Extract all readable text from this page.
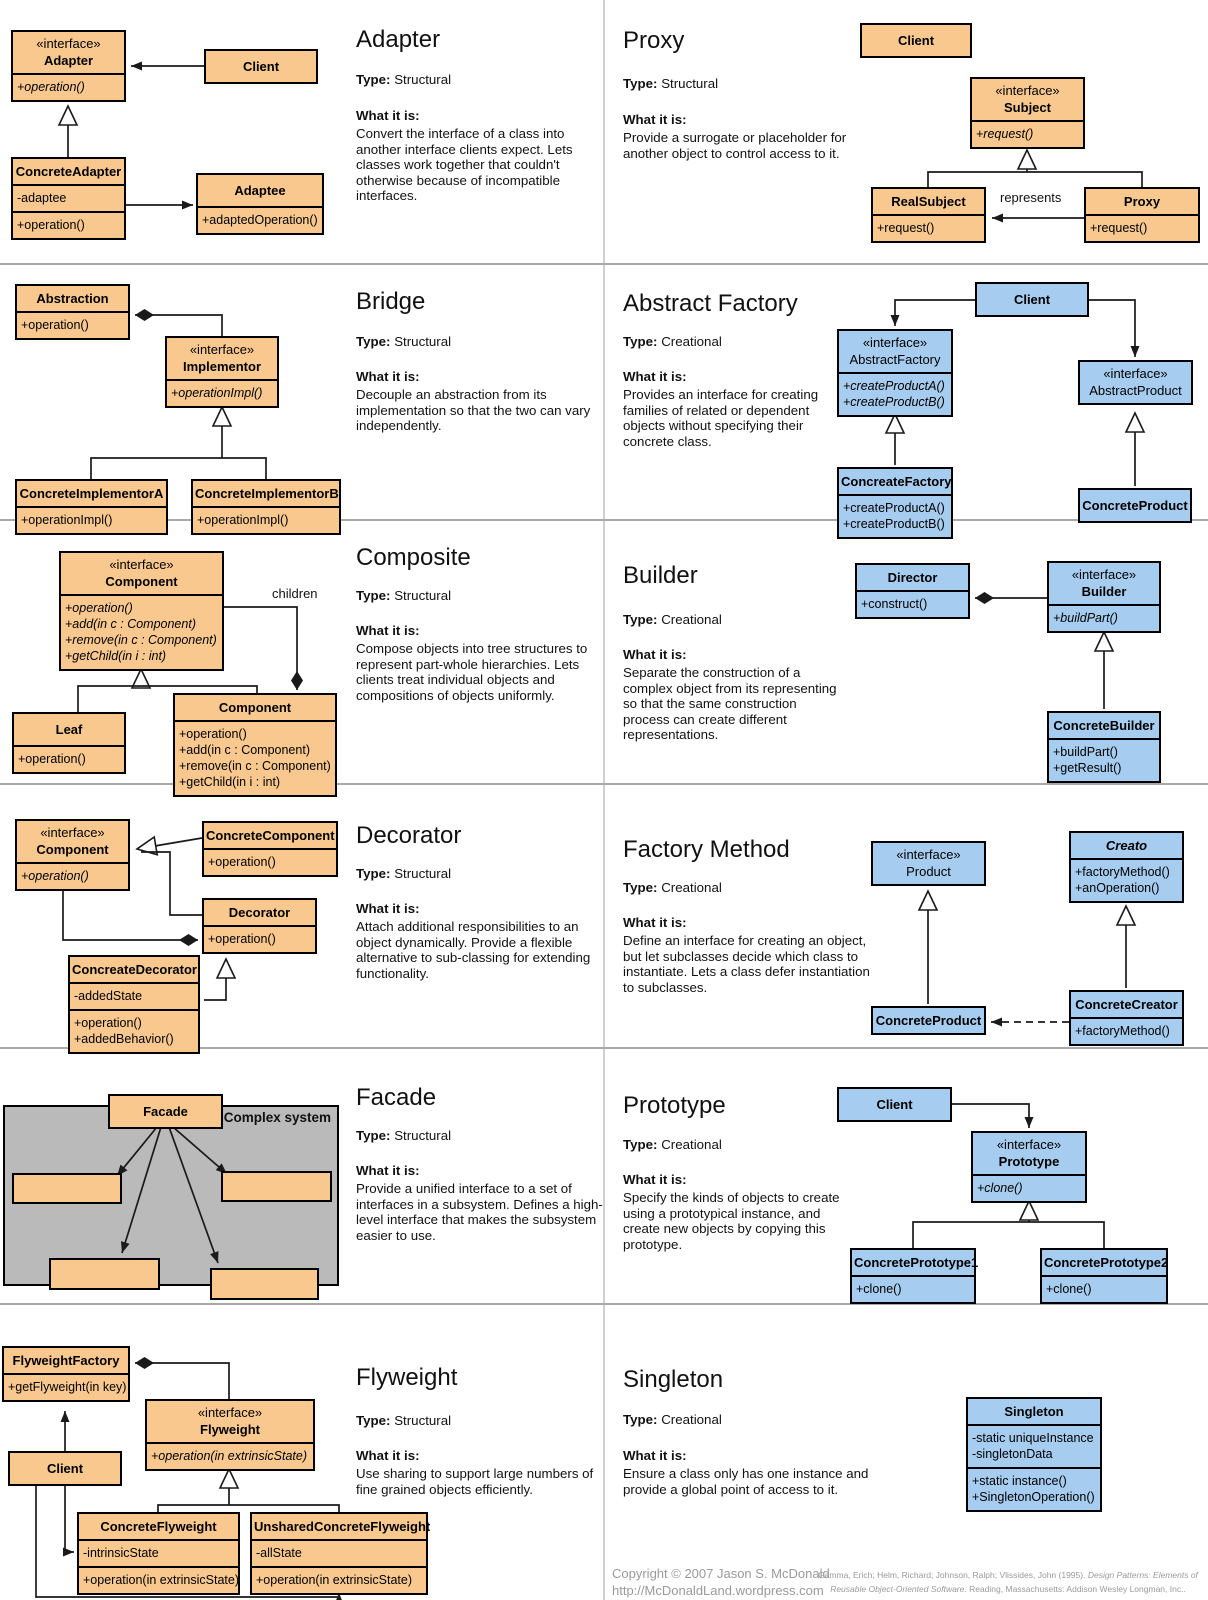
Complex system
Adapter
Type: Structural
What it is:
Convert the interface of a class into another interface clients expect. Lets classes work together that couldn't otherwise because of incompatible interfaces.
«interface»
Adapter
+operation()
Client
ConcreteAdapter
-adaptee
+operation()
Adaptee
+adaptedOperation()
Proxy
Type: Structural
What it is:
Provide a surrogate or placeholder for another object to control access to it.
represents
Client
«interface»
Subject
+request()
RealSubject
+request()
Proxy
+request()
Bridge
Type: Structural
What it is:
Decouple an abstraction from its implementation so that the two can vary independently.
Abstraction
+operation()
«interface»
Implementor
+operationImpl()
ConcreteImplementorA
+operationImpl()
ConcreteImplementorB
+operationImpl()
Abstract Factory
Type: Creational
What it is:
Provides an interface for creating families of related or dependent objects without specifying their concrete class.
Client
«interface»
AbstractFactory
+createProductA()
+createProductB()
«interface»
AbstractProduct
ConcreateFactory
+createProductA()
+createProductB()
ConcreteProduct
Composite
Type: Structural
What it is:
Compose objects into tree structures to represent part-whole hierarchies. Lets clients treat individual objects and compositions of objects uniformly.
children
«interface»
Component
+operation()
+add(in c : Component)
+remove(in c : Component)
+getChild(in i : int)
Leaf
+operation()
Component
+operation()
+add(in c : Component)
+remove(in c : Component)
+getChild(in i : int)
Builder
Type: Creational
What it is:
Separate the construction of a complex object from its representing so that the same construction process can create different representations.
Director
+construct()
«interface»
Builder
+buildPart()
ConcreteBuilder
+buildPart()
+getResult()
Decorator
Type: Structural
What it is:
Attach additional responsibilities to an object dynamically. Provide a flexible alternative to sub-classing for extending functionality.
«interface»
Component
+operation()
ConcreteComponent
+operation()
Decorator
+operation()
ConcreateDecorator
-addedState
+operation()
+addedBehavior()
Factory Method
Type: Creational
What it is:
Define an interface for creating an object, but let subclasses decide which class to instantiate. Lets a class defer instantiation to subclasses.
«interface»
Product
Creato
+factoryMethod()
+anOperation()
ConcreteProduct
ConcreteCreator
+factoryMethod()
Facade
Type: Structural
What it is:
Provide a unified interface to a set of interfaces in a subsystem. Defines a high-level interface that makes the subsystem easier to use.
Facade	Prototype
Type: Creational
What it is:
Specify the kinds of objects to create using a prototypical instance, and create new objects by copying this prototype.
Client
«interface»
Prototype
+clone()
ConcretePrototype1
+clone()
ConcretePrototype2
+clone()
Flyweight
Type: Structural
What it is:
Use sharing to support large numbers of fine grained objects efficiently.
FlyweightFactory
+getFlyweight(in key)
«interface»
Flyweight
+operation(in extrinsicState)
Client
ConcreteFlyweight
-intrinsicState
+operation(in extrinsicState)
UnsharedConcreteFlyweight
-allState
+operation(in extrinsicState)
Singleton
Type: Creational
What it is:
Ensure a class only has one instance and provide a global point of access to it.
Singleton
-static uniqueInstance
-singletonData
+static instance()
+SingletonOperation()
Copyright © 2007 Jason S. McDonald
http://McDonaldLand.wordpress.com
Gamma, Erich; Helm, Richard; Johnson, Ralph; Vlissides, John (1995). Design Patterns: Elements of Reusable Object-Oriented Software. Reading, Massachusetts: Addison Wesley Longman, Inc..
